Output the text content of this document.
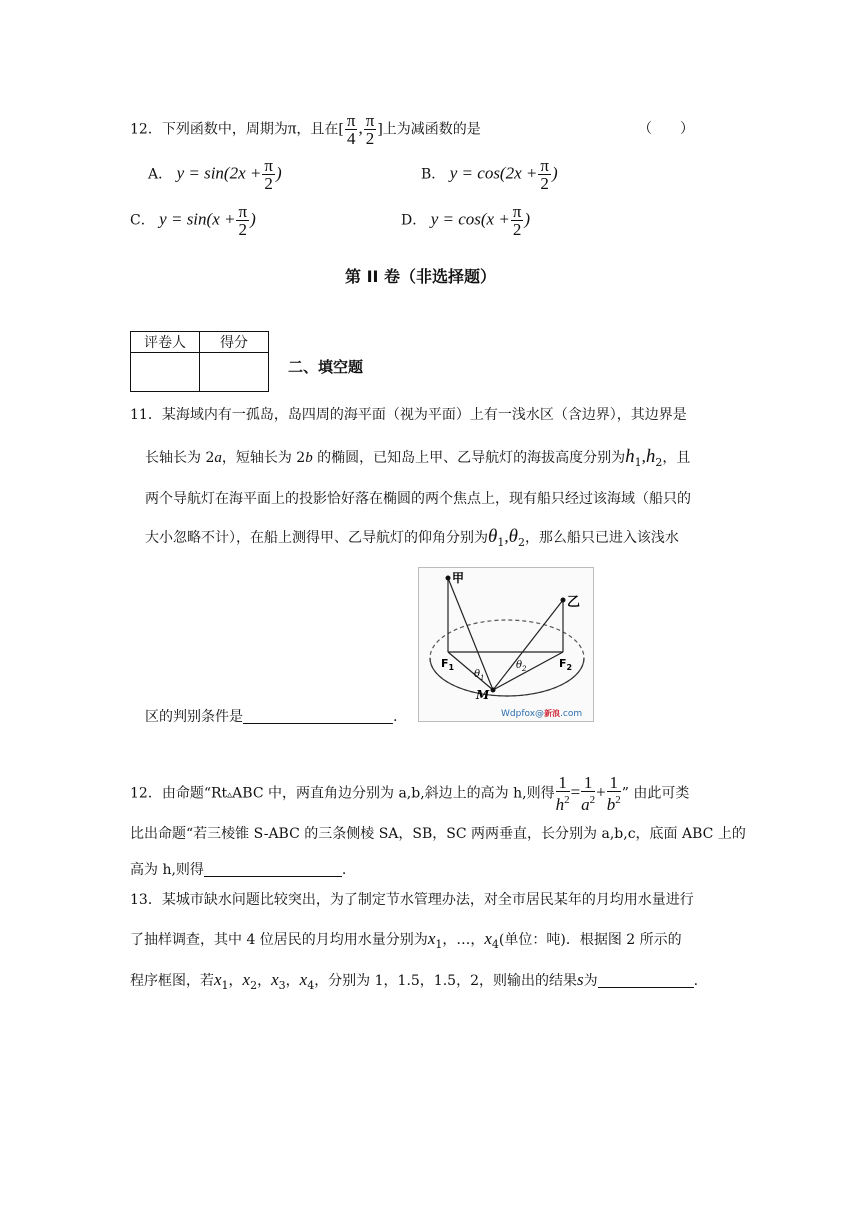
12．下列函数中，周期为π，且在[ $\frac{\pi}{4}$ , $\frac{\pi}{2}$ ]上为减函数的是	（　　）
A． $y = \sin(2x + \frac{\pi}{2}$ )	B． $y = \cos(2x + \frac{\pi}{2}$ )
C． $y = \sin(x + \frac{\pi}{2}$ )	D． $y = \cos(x + \frac{\pi}{2}$ )
第 II 卷（非选择题）
评卷人	得分

二、填空题
11．某海域内有一孤岛，岛四周的海平面（视为平面）上有一浅水区（含边界），其边界是
长轴长为 2a，短轴长为 2b 的椭圆，已知岛上甲、乙导航灯的海拔高度分别为$h_1,h_2$，且
两个导航灯在海平面上的投影恰好落在椭圆的两个焦点上，现有船只经过该海域（船只的
大小忽略不计），在船上测得甲、乙导航灯的仰角分别为$\theta_1,\theta_2$，那么船只已进入该浅水
区的判别条件是	.
甲
乙
$F_1$	$F_2$
M
$\theta_1$
$\theta_2$
Wdpfox@新浪.com
12．由命题“Rt▵ABC 中，两直角边分别为 a,b,斜边上的高为 h,则得 $\frac{1}{h^2} = \frac{1}{a^2} + \frac{1}{b^2}$ ” 由此可类
比出命题“若三棱锥 S-ABC 的三条侧棱 SA，SB，SC 两两垂直，长分别为 a,b,c，底面 ABC 上的
高为 h,则得	.
13．某城市缺水问题比较突出，为了制定节水管理办法，对全市居民某年的月均用水量进行
了抽样调查，其中 4 位居民的月均用水量分别为$x_1$，…，$x_4$(单位：吨)．根据图 2 所示的
程序框图，若$x_1$，$x_2$，$x_3$，$x_4$，分别为 1，1.5，1.5，2，则输出的结果s为	.
